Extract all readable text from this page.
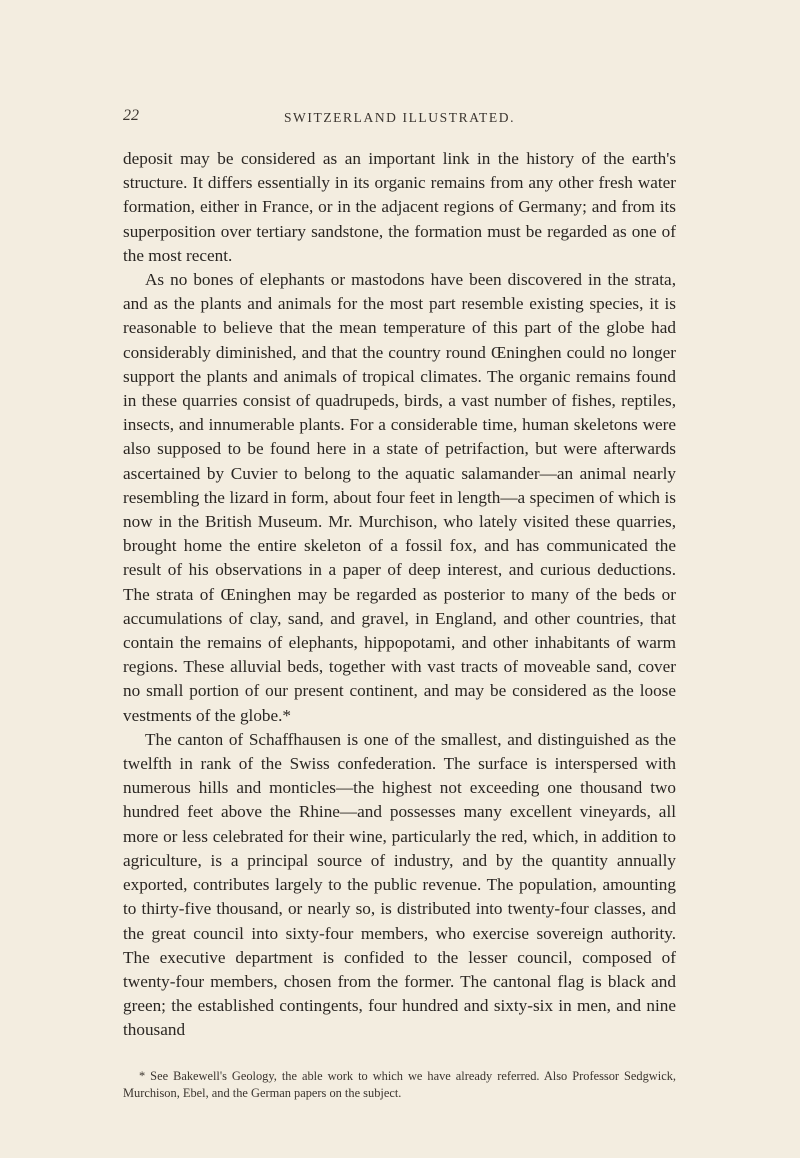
22	SWITZERLAND ILLUSTRATED.

deposit may be considered as an important link in the history of the earth's structure. It differs essentially in its organic remains from any other fresh water formation, either in France, or in the adjacent regions of Germany; and from its superposition over tertiary sandstone, the formation must be regarded as one of the most recent.

As no bones of elephants or mastodons have been discovered in the strata, and as the plants and animals for the most part resemble existing species, it is reasonable to believe that the mean temperature of this part of the globe had considerably diminished, and that the country round Œninghen could no longer support the plants and animals of tropical climates. The organic remains found in these quarries consist of quadrupeds, birds, a vast number of fishes, reptiles, insects, and innumerable plants. For a considerable time, human skeletons were also supposed to be found here in a state of petrifaction, but were afterwards ascertained by Cuvier to belong to the aquatic salamander—an animal nearly resembling the lizard in form, about four feet in length—a specimen of which is now in the British Museum. Mr. Murchison, who lately visited these quarries, brought home the entire skeleton of a fossil fox, and has communicated the result of his observations in a paper of deep interest, and curious deductions. The strata of Œninghen may be regarded as posterior to many of the beds or accumulations of clay, sand, and gravel, in England, and other countries, that contain the remains of elephants, hippopotami, and other inhabitants of warm regions. These alluvial beds, together with vast tracts of moveable sand, cover no small portion of our present continent, and may be considered as the loose vestments of the globe.*

The canton of Schaffhausen is one of the smallest, and distinguished as the twelfth in rank of the Swiss confederation. The surface is interspersed with numerous hills and monticles—the highest not exceeding one thousand two hundred feet above the Rhine—and possesses many excellent vineyards, all more or less celebrated for their wine, particularly the red, which, in addition to agriculture, is a principal source of industry, and by the quantity annually exported, contributes largely to the public revenue. The population, amounting to thirty-five thousand, or nearly so, is distributed into twenty-four classes, and the great council into sixty-four members, who exercise sovereign authority. The executive department is confided to the lesser council, composed of twenty-four members, chosen from the former. The cantonal flag is black and green; the established contingents, four hundred and sixty-six in men, and nine thousand

* See Bakewell's Geology, the able work to which we have already referred. Also Professor Sedgwick, Murchison, Ebel, and the German papers on the subject.
